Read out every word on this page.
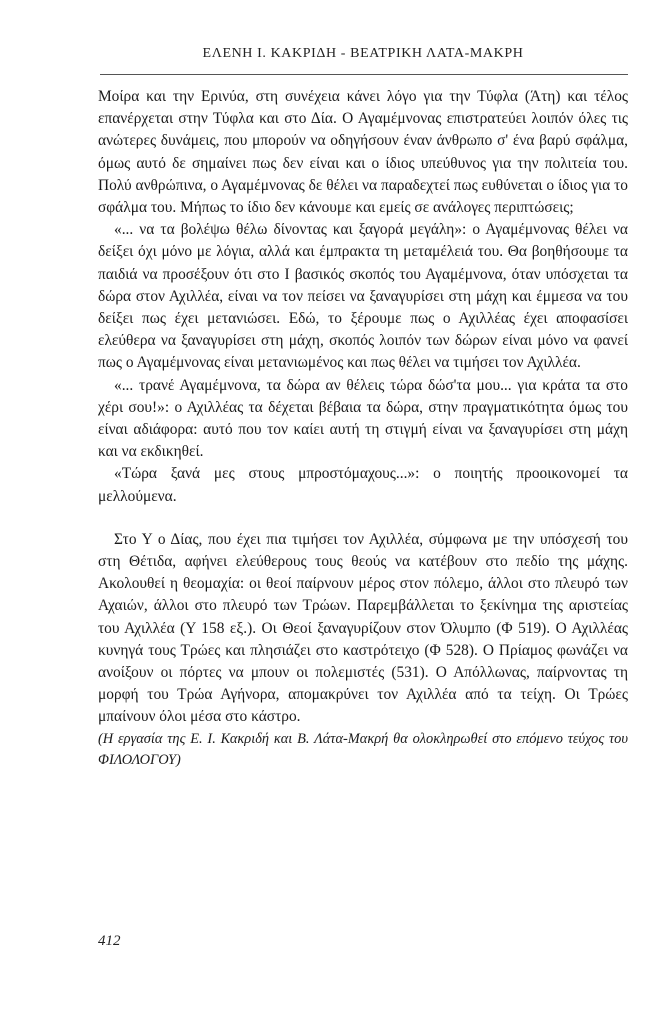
ΕΛΕΝΗ Ι. ΚΑΚΡΙΔΗ - ΒΕΑΤΡΙΚΗ ΛΑΤΑ-ΜΑΚΡΗ

Μοίρα και την Ερινύα, στη συνέχεια κάνει λόγο για την Τύφλα (Άτη) και τέλος επανέρχεται στην Τύφλα και στο Δία. Ο Αγαμέμνονας επιστρατεύει λοιπόν όλες τις ανώτερες δυνάμεις, που μπορούν να οδηγήσουν έναν άνθρωπο σ' ένα βαρύ σφάλμα, όμως αυτό δε σημαίνει πως δεν είναι και ο ίδιος υπεύθυνος για την πολιτεία του. Πολύ ανθρώπινα, ο Αγαμέμνονας δε θέλει να παραδεχτεί πως ευθύνεται ο ίδιος για το σφάλμα του. Μήπως το ίδιο δεν κάνουμε και εμείς σε ανάλογες περιπτώσεις;

«... να τα βολέψω θέλω δίνοντας και ξαγορά μεγάλη»: ο Αγαμέμνονας θέλει να δείξει όχι μόνο με λόγια, αλλά και έμπρακτα τη μεταμέλειά του. Θα βοηθήσουμε τα παιδιά να προσέξουν ότι στο Ι βασικός σκοπός του Αγαμέμνονα, όταν υπόσχεται τα δώρα στον Αχιλλέα, είναι να τον πείσει να ξαναγυρίσει στη μάχη και έμμεσα να του δείξει πως έχει μετανιώσει. Εδώ, το ξέρουμε πως ο Αχιλλέας έχει αποφασίσει ελεύθερα να ξαναγυρίσει στη μάχη, σκοπός λοιπόν των δώρων είναι μόνο να φανεί πως ο Αγαμέμνονας είναι μετανιωμένος και πως θέλει να τιμήσει τον Αχιλλέα.

«... τρανέ Αγαμέμνονα, τα δώρα αν θέλεις τώρα δώσ'τα μου... για κράτα τα στο χέρι σου!»: ο Αχιλλέας τα δέχεται βέβαια τα δώρα, στην πραγματικότητα όμως του είναι αδιάφορα: αυτό που τον καίει αυτή τη στιγμή είναι να ξαναγυρίσει στη μάχη και να εκδικηθεί.

«Τώρα ξανά μες στους μπροστόμαχους...»: ο ποιητής προοικονομεί τα μελλούμενα.

Στο Υ ο Δίας, που έχει πια τιμήσει τον Αχιλλέα, σύμφωνα με την υπόσχεσή του στη Θέτιδα, αφήνει ελεύθερους τους θεούς να κατέβουν στο πεδίο της μάχης. Ακολουθεί η θεομαχία: οι θεοί παίρνουν μέρος στον πόλεμο, άλλοι στο πλευρό των Αχαιών, άλλοι στο πλευρό των Τρώων. Παρεμβάλλεται το ξεκίνημα της αριστείας του Αχιλλέα (Υ 158 εξ.). Οι Θεοί ξαναγυρίζουν στον Όλυμπο (Φ 519). Ο Αχιλλέας κυνηγά τους Τρώες και πλησιάζει στο καστρότειχο (Φ 528). Ο Πρίαμος φωνάζει να ανοίξουν οι πόρτες να μπουν οι πολεμιστές (531). Ο Απόλλωνας, παίρνοντας τη μορφή του Τρώα Αγήνορα, απομακρύνει τον Αχιλλέα από τα τείχη. Οι Τρώες μπαίνουν όλοι μέσα στο κάστρο.

(Η εργασία της Ε. Ι. Κακριδή και Β. Λάτα-Μακρή θα ολοκληρωθεί στο επόμενο τεύχος του ΦΙΛΟΛΟΓΟΥ)

412
